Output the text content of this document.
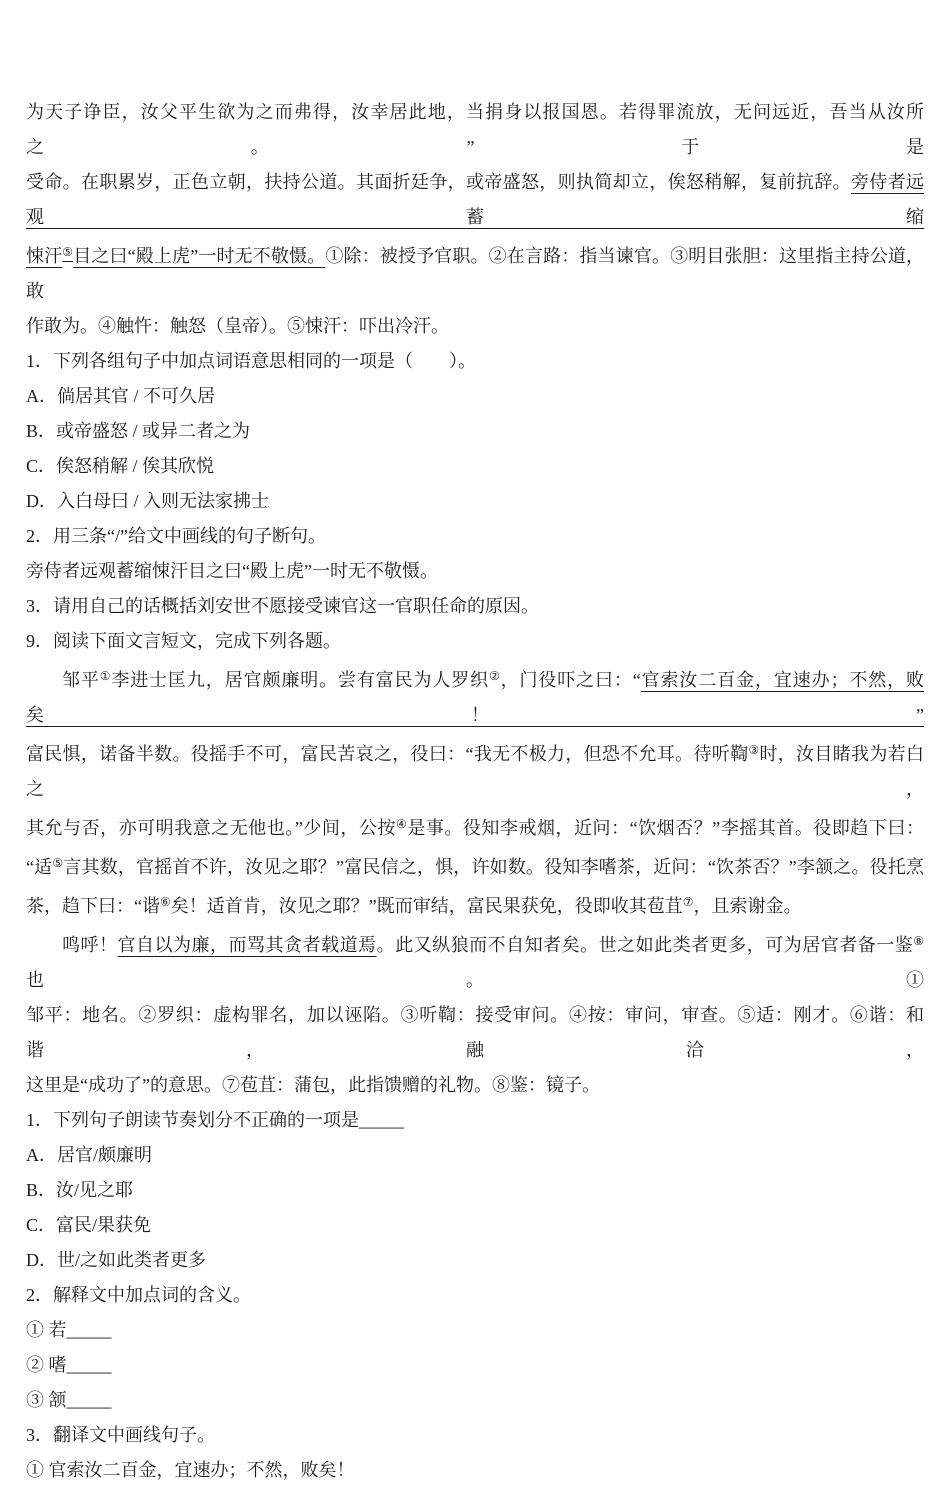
为天子诤臣，汝父平生欲为之而弗得，汝幸居此地，当捐身以报国恩。若得罪流放，无问远近，吾当从汝所之。”于是
受命。在职累岁，正色立朝，扶持公道。其面折廷争，或帝盛怒，则执简却立，俟怒稍解，复前抗辞。旁侍者远观蓄缩
悚汗⑤目之曰“殿上虎”一时无不敬慑。①除：被授予官职。②在言路：指当谏官。③明目张胆：这里指主持公道，敢
作敢为。④触忤：触怒（皇帝）。⑤悚汗：吓出冷汗。
1．下列各组句子中加点词语意思相同的一项是（　　）。
A．倘居其官 / 不可久居
B．或帝盛怒 / 或异二者之为
C．俟怒稍解 / 俟其欣悦
D．入白母曰 / 入则无法家拂士
2．用三条“/”给文中画线的句子断句。
旁侍者远观蓄缩悚汗目之曰“殿上虎”一时无不敬慑。
3．请用自己的话概括刘安世不愿接受谏官这一官职任命的原因。
9．阅读下面文言短文，完成下列各题。
邹平①李进士匡九，居官颇廉明。尝有富民为人罗织②，门役吓之曰：“官索汝二百金，宜速办；不然，败矣！”
富民惧，诺备半数。役摇手不可，富民苦哀之，役曰：“我无不极力，但恐不允耳。待听鞫③时，汝目睹我为若白之，
其允与否，亦可明我意之无他也。”少间，公按④是事。役知李戒烟，近问：“饮烟否？”李摇其首。役即趋下曰：
“适⑤言其数，官摇首不许，汝见之耶？”富民信之，惧，许如数。役知李嗜茶，近问：“饮茶否？”李颔之。役托烹
茶，趋下曰：“谐⑥矣！适首肯，汝见之耶？”既而审结，富民果获免，役即收其苞苴⑦，且索谢金。
鸣呼！官自以为廉，而骂其贪者载道焉。此又纵狼而不自知者矣。世之如此类者更多，可为居官者备一鉴⑧也。①
邹平：地名。②罗织：虚构罪名，加以诬陷。③听鞫：接受审问。④按：审问，审查。⑤适：刚才。⑥谐：和谐，融洽，
这里是“成功了”的意思。⑦苞苴：蒲包，此指馈赠的礼物。⑧鉴：镜子。
1．下列句子朗读节奏划分不正确的一项是_____
A．居官/颇廉明
B．汝/见之耶
C．富民/果获免
D．世/之如此类者更多
2．解释文中加点词的含义。
① 若_____
② 嗜_____
③ 颔_____
3．翻译文中画线句子。
① 官索汝二百金，宜速办；不然，败矣！
